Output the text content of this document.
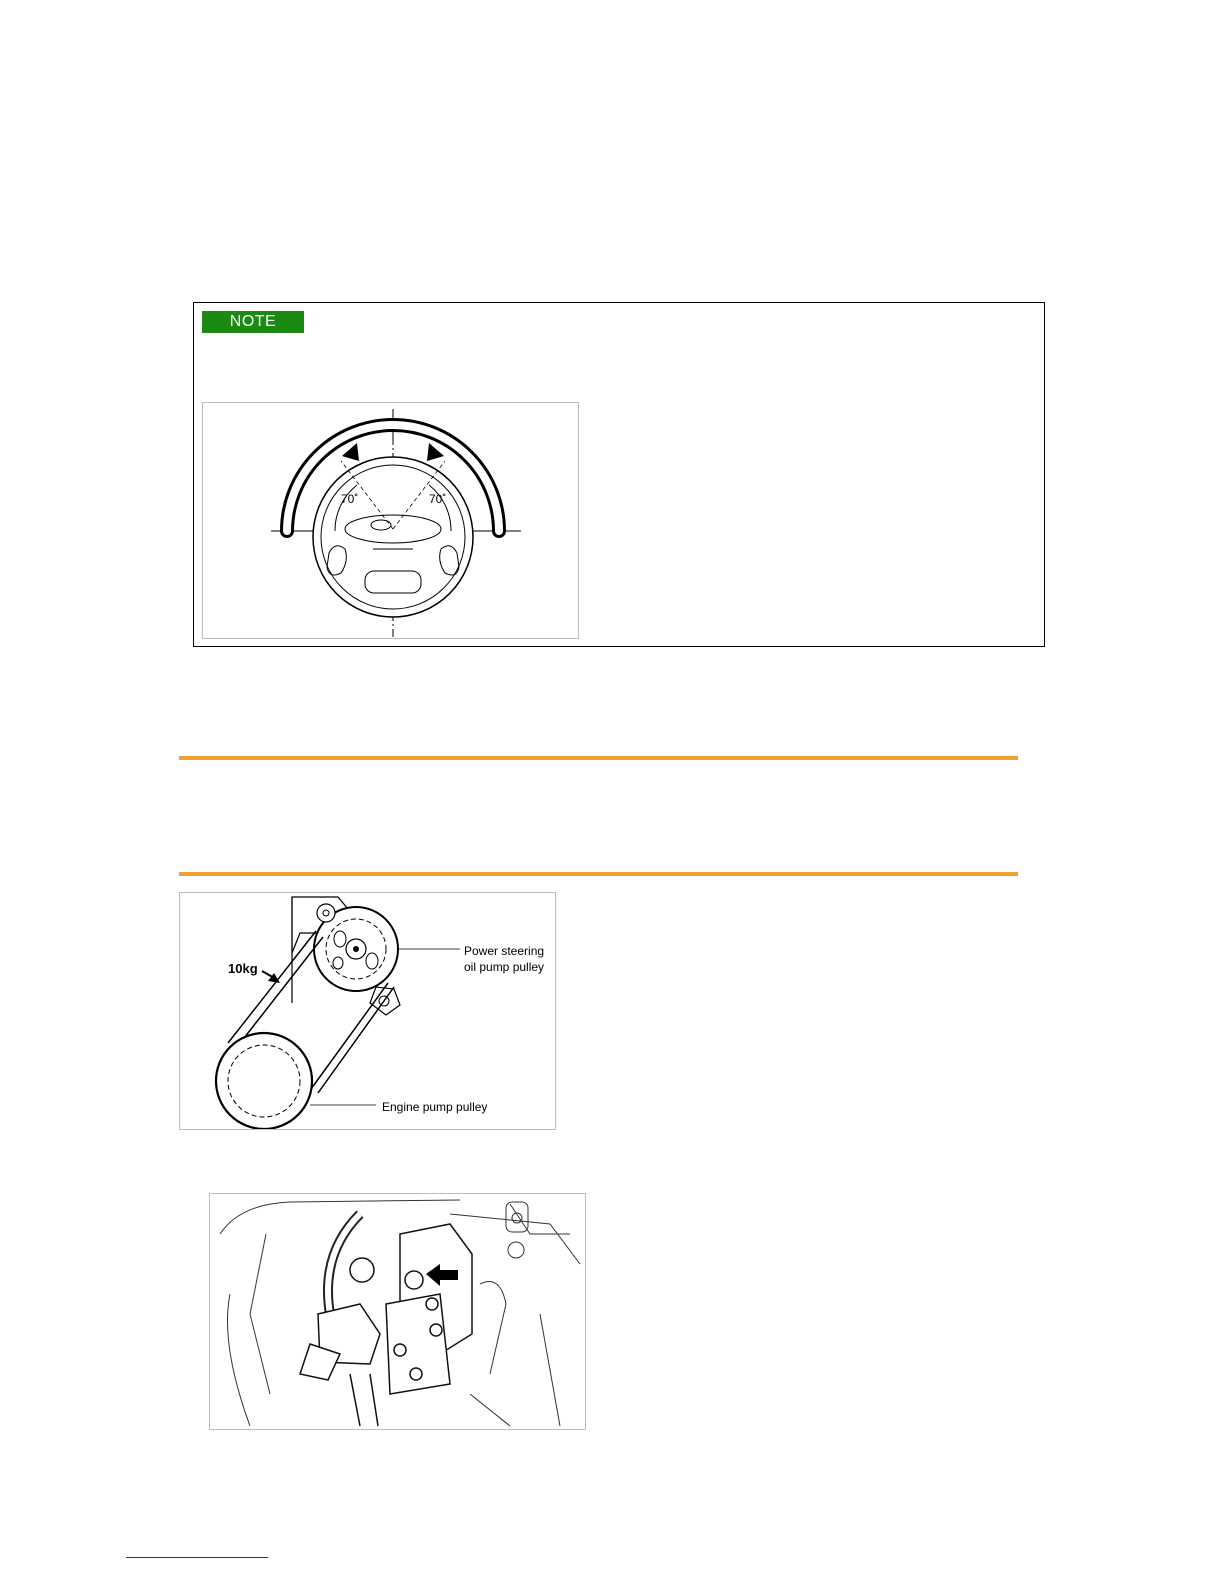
NOTE
70˚	70˚
10kg
Power steering
oil pump pulley
Engine pump pulley
